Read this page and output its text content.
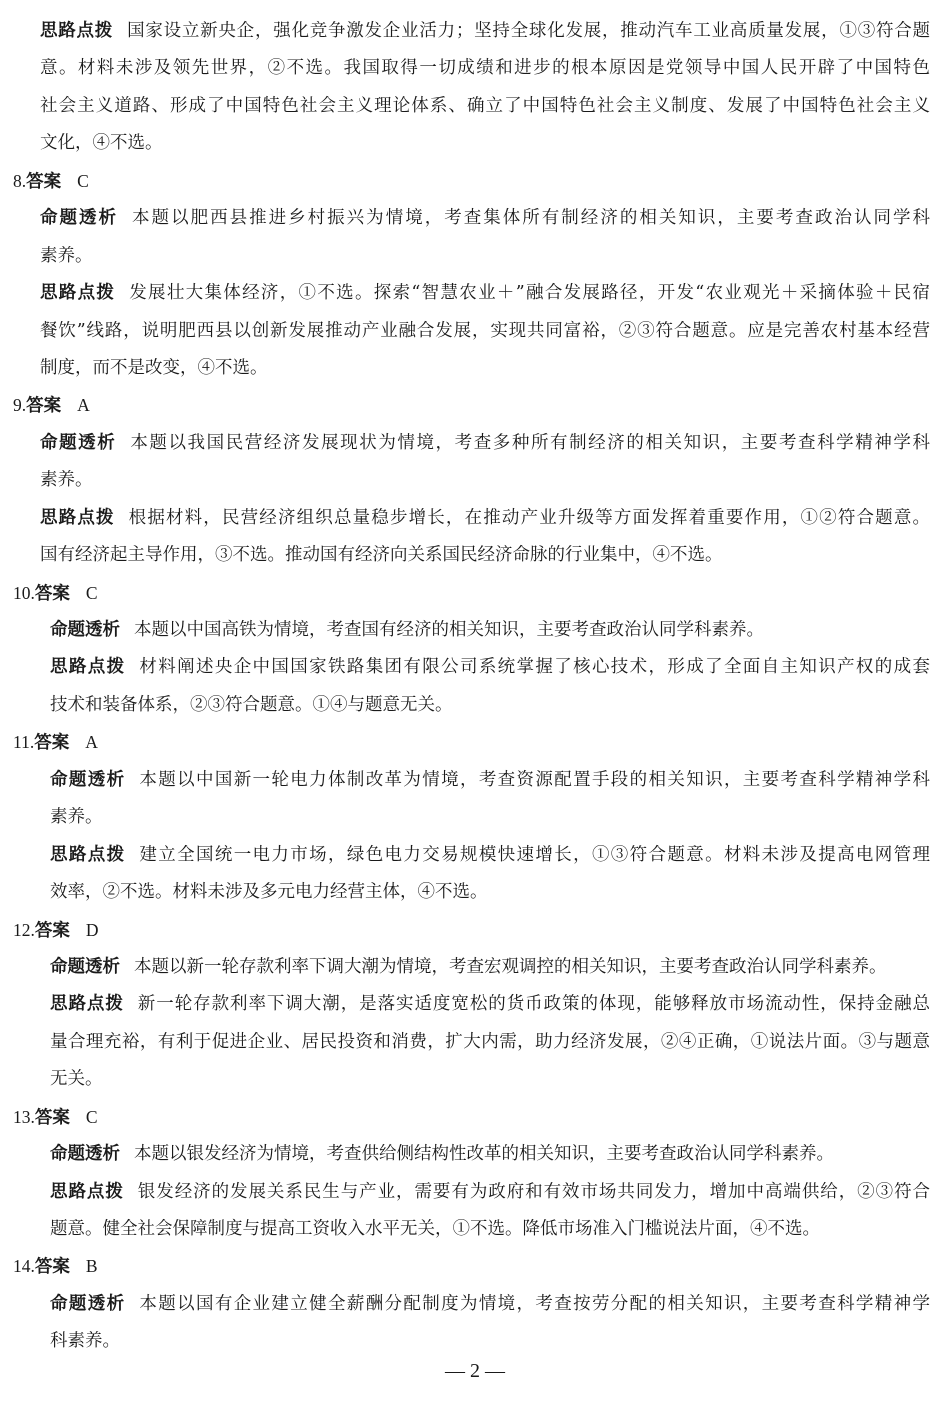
思路点拨 国家设立新央企，强化竞争激发企业活力；坚持全球化发展，推动汽车工业高质量发展，①③符合题
意。材料未涉及领先世界，②不选。我国取得一切成绩和进步的根本原因是党领导中国人民开辟了中国特色
社会主义道路、形成了中国特色社会主义理论体系、确立了中国特色社会主义制度、发展了中国特色社会主义
文化，④不选。
8.答案 C
命题透析 本题以肥西县推进乡村振兴为情境，考查集体所有制经济的相关知识，主要考查政治认同学科
素养。
思路点拨 发展壮大集体经济，①不选。探索“智慧农业＋”融合发展路径，开发“农业观光＋采摘体验＋民宿
餐饮”线路，说明肥西县以创新发展推动产业融合发展，实现共同富裕，②③符合题意。应是完善农村基本经营
制度，而不是改变，④不选。
9.答案 A
命题透析 本题以我国民营经济发展现状为情境，考查多种所有制经济的相关知识，主要考查科学精神学科
素养。
思路点拨 根据材料，民营经济组织总量稳步增长，在推动产业升级等方面发挥着重要作用，①②符合题意。
国有经济起主导作用，③不选。推动国有经济向关系国民经济命脉的行业集中，④不选。
10.答案 C
命题透析 本题以中国高铁为情境，考查国有经济的相关知识，主要考查政治认同学科素养。
思路点拨 材料阐述央企中国国家铁路集团有限公司系统掌握了核心技术，形成了全面自主知识产权的成套
技术和装备体系，②③符合题意。①④与题意无关。
11.答案 A
命题透析 本题以中国新一轮电力体制改革为情境，考查资源配置手段的相关知识，主要考查科学精神学科
素养。
思路点拨 建立全国统一电力市场，绿色电力交易规模快速增长，①③符合题意。材料未涉及提高电网管理
效率，②不选。材料未涉及多元电力经营主体，④不选。
12.答案 D
命题透析 本题以新一轮存款利率下调大潮为情境，考查宏观调控的相关知识，主要考查政治认同学科素养。
思路点拨 新一轮存款利率下调大潮，是落实适度宽松的货币政策的体现，能够释放市场流动性，保持金融总
量合理充裕，有利于促进企业、居民投资和消费，扩大内需，助力经济发展，②④正确，①说法片面。③与题意
无关。
13.答案 C
命题透析 本题以银发经济为情境，考查供给侧结构性改革的相关知识，主要考查政治认同学科素养。
思路点拨 银发经济的发展关系民生与产业，需要有为政府和有效市场共同发力，增加中高端供给，②③符合
题意。健全社会保障制度与提高工资收入水平无关，①不选。降低市场准入门槛说法片面，④不选。
14.答案 B
命题透析 本题以国有企业建立健全薪酬分配制度为情境，考查按劳分配的相关知识，主要考查科学精神学
科素养。
— 2 —
